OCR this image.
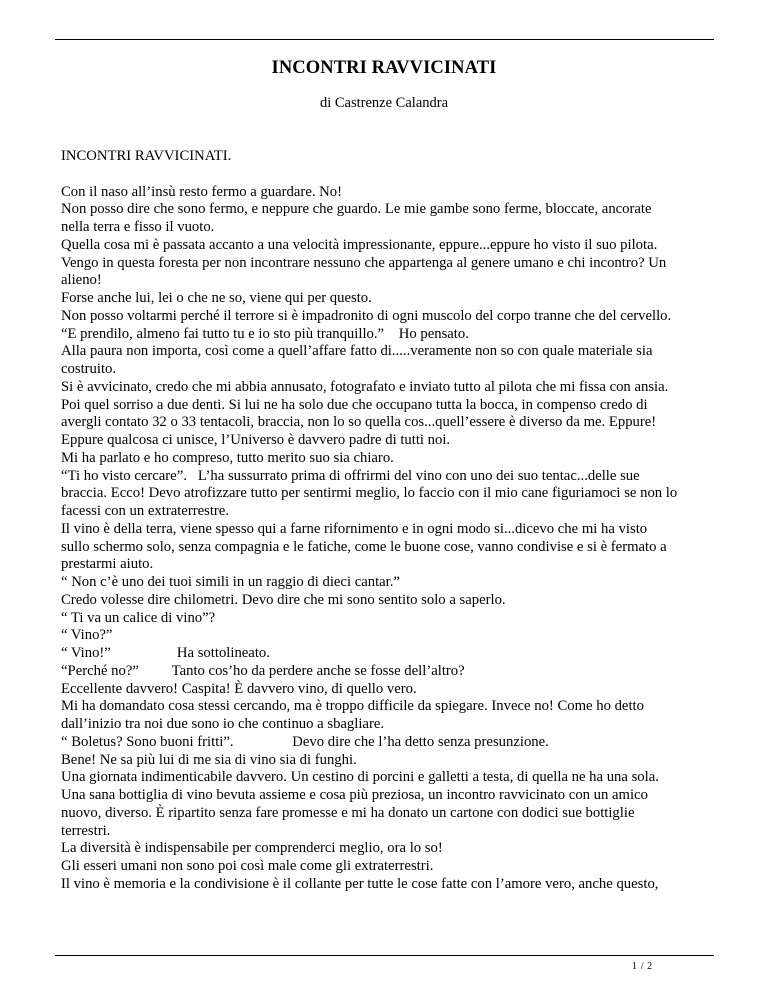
INCONTRI RAVVICINATI
di Castrenze Calandra

INCONTRI RAVVICINATI.

Con il naso all’insù resto fermo a guardare. No!

Non posso dire che sono fermo, e neppure che guardo. Le mie gambe sono ferme, bloccate, ancorate

nella terra e fisso il vuoto.

Quella cosa mi è passata accanto a una velocità impressionante, eppure...eppure ho visto il suo pilota.

Vengo in questa foresta per non incontrare nessuno che appartenga al genere umano e chi incontro? Un

alieno!

Forse anche lui, lei o che ne so, viene qui per questo.

Non posso voltarmi perché il terrore si è impadronito di ogni muscolo del corpo tranne che del cervello.

“E prendilo, almeno fai tutto tu e io sto più tranquillo.”    Ho pensato.

Alla paura non importa, così come a quell’affare fatto di.....veramente non so con quale materiale sia

costruito.

Si è avvicinato, credo che mi abbia annusato, fotografato e inviato tutto al pilota che mi fissa con ansia.

Poi quel sorriso a due denti. Si lui ne ha solo due che occupano tutta la bocca, in compenso credo di

avergli contato 32 o 33 tentacoli, braccia, non lo so quella cos...quell’essere è diverso da me. Eppure!

Eppure qualcosa ci unisce, l’Universo è davvero padre di tutti noi.

Mi ha parlato e ho compreso, tutto merito suo sia chiaro.

“Ti ho visto cercare”.   L’ha sussurrato prima di offrirmi del vino con uno dei suo tentac...delle sue

braccia. Ecco! Devo atrofizzare tutto per sentirmi meglio, lo faccio con il mio cane figuriamoci se non lo

facessi con un extraterrestre.

Il vino è della terra, viene spesso qui a farne rifornimento e in ogni modo si...dicevo che mi ha visto

sullo schermo solo, senza compagnia e le fatiche, come le buone cose, vanno condivise e si è fermato a

prestarmi aiuto.

“ Non c’è uno dei tuoi simili in un raggio di dieci cantar.”

Credo volesse dire chilometri. Devo dire che mi sono sentito solo a saperlo.

“ Ti va un calice di vino”?

“ Vino?”

“ Vino!”                  Ha sottolineato.

“Perché no?”         Tanto cos’ho da perdere anche se fosse dell’altro?

Eccellente davvero! Caspita! È davvero vino, di quello vero.

Mi ha domandato cosa stessi cercando, ma è troppo difficile da spiegare. Invece no! Come ho detto

dall’inizio tra noi due sono io che continuo a sbagliare.

“ Boletus? Sono buoni fritti”.                Devo dire che l’ha detto senza presunzione.

Bene! Ne sa più lui di me sia di vino sia di funghi.

Una giornata indimenticabile davvero. Un cestino di porcini e galletti a testa, di quella ne ha una sola.

Una sana bottiglia di vino bevuta assieme e cosa più preziosa, un incontro ravvicinato con un amico

nuovo, diverso. È ripartito senza fare promesse e mi ha donato un cartone con dodici sue bottiglie

terrestri.

La diversità è indispensabile per comprenderci meglio, ora lo so!

Gli esseri umani non sono poi così male come gli extraterrestri.

Il vino è memoria e la condivisione è il collante per tutte le cose fatte con l’amore vero, anche questo,

1 / 2
